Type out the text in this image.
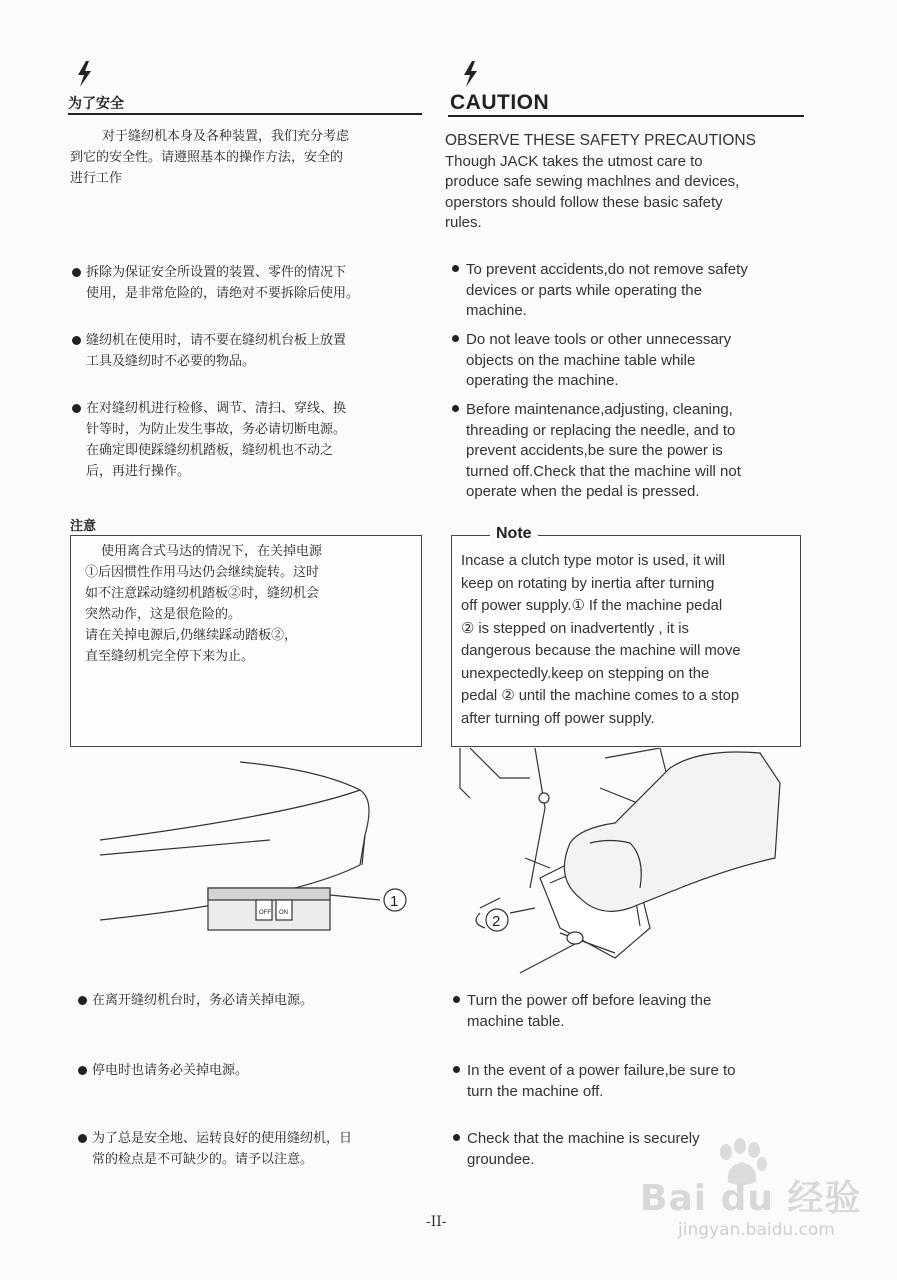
为了安全	CAUTION
对于缝纫机本身及各种装置，我们充分考虑
到它的安全性。请遵照基本的操作方法，安全的
进行工作
OBSERVE THESE SAFETY PRECAUTIONS
Though JACK takes the utmost care to
produce safe sewing machlnes and devices,
operstors should follow these basic safety
rules.
拆除为保证安全所设置的装置、零件的情况下
使用，是非常危险的，请绝对不要拆除后使用。
缝纫机在使用时，请不要在缝纫机台板上放置
工具及缝纫时不必要的物品。
在对缝纫机进行检修、调节、清扫、穿线、换
针等时，为防止发生事故，务必请切断电源。
在确定即使踩缝纫机踏板，缝纫机也不动之
后，再进行操作。
To prevent accidents,do not remove safety
devices or parts while operating the
machine.
Do not leave tools or other unnecessary
objects on the machine table while
operating the machine.
Before maintenance,adjusting, cleaning,
threading or replacing the needle, and to
prevent accidents,be sure the power is
turned off.Check that the machine will not
operate when the pedal is pressed.
注意
使用离合式马达的情况下，在关掉电源
①后因惯性作用马达仍会继续旋转。这时
如不注意踩动缝纫机踏板②时，缝纫机会
突然动作，这是很危险的。
请在关掉电源后,仍继续踩动踏板②，
直至缝纫机完全停下来为止。
Note
Incase a clutch type motor is used, it will
keep on rotating by inertia after turning
off power supply.① If the machine pedal
② is stepped on inadvertently , it is
dangerous because the machine will move
unexpectedly.keep on stepping on the
pedal ② until the machine comes to a stop
after turning off power supply.
OFF ON
1
2
在离开缝纫机台时，务必请关掉电源。
停电时也请务必关掉电源。
为了总是安全地、运转良好的使用缝纫机，日
常的检点是不可缺少的。请予以注意。
Turn the power off before leaving the
machine table.
In the event of a power failure,be sure to
turn the machine off.
Check that the machine is securely
groundee.
-II-
Bai du 经验
jingyan.baidu.com
